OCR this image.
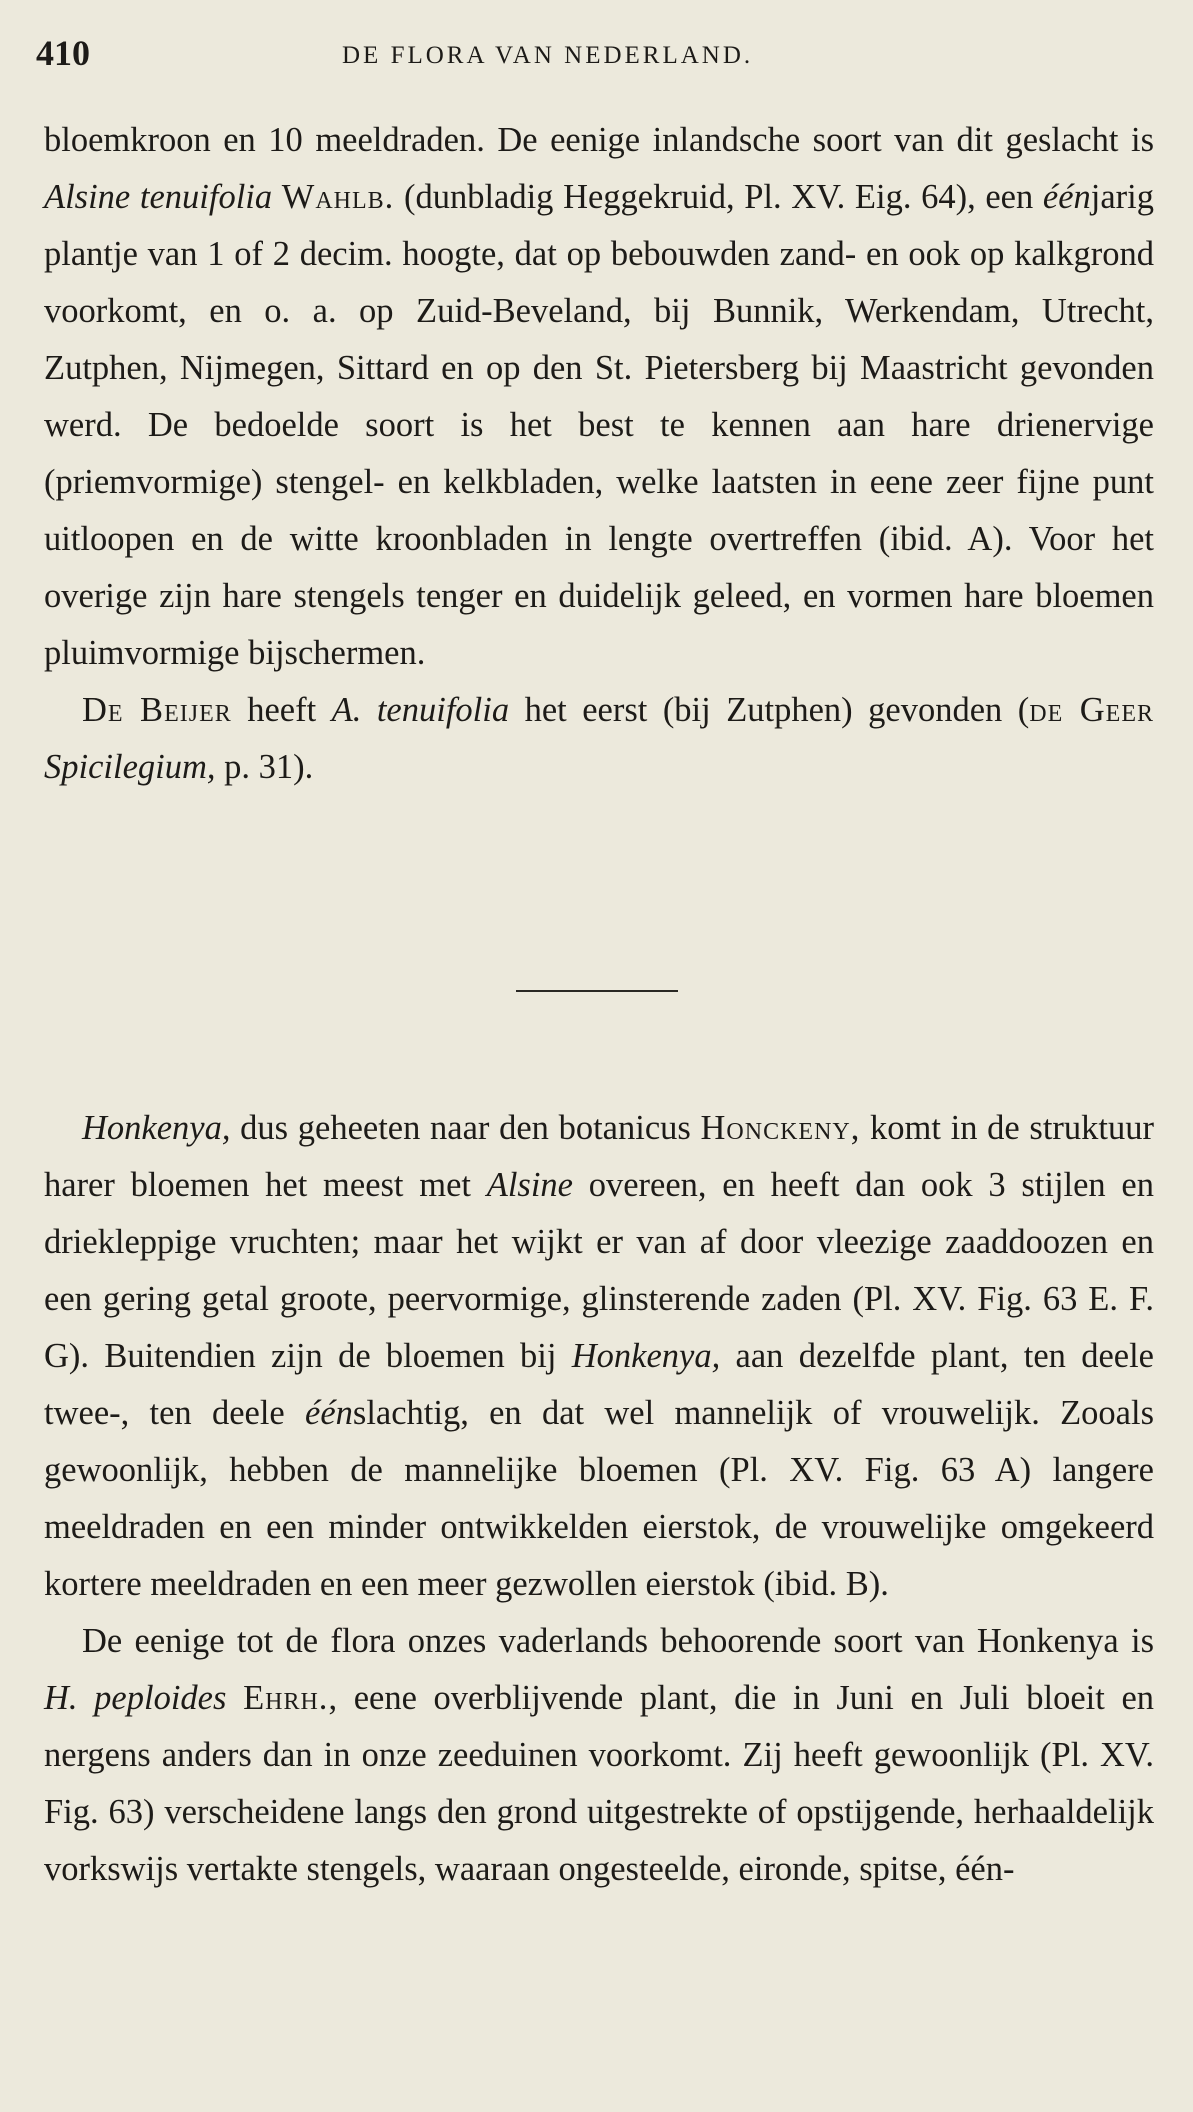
410	DE FLORA VAN NEDERLAND.

bloemkroon en 10 meeldraden. De eenige inlandsche soort van dit geslacht is Alsine tenuifolia Wahlb. (dunbladig Heggekruid, Pl. XV. Eig. 64), een éénjarig plantje van 1 of 2 decim. hoogte, dat op bebouwden zand- en ook op kalkgrond voorkomt, en o. a. op Zuid-Beveland, bij Bunnik, Werkendam, Utrecht, Zutphen, Nijmegen, Sittard en op den St. Pietersberg bij Maastricht gevonden werd. De bedoelde soort is het best te kennen aan hare drienervige (priemvormige) stengel- en kelkbladen, welke laatsten in eene zeer fijne punt uitloopen en de witte kroonbladen in lengte overtreffen (ibid. A). Voor het overige zijn hare stengels tenger en duidelijk geleed, en vormen hare bloemen pluimvormige bijschermen.

De Beijer heeft A. tenuifolia het eerst (bij Zutphen) gevonden (de Geer Spicilegium, p. 31).

Honkenya, dus geheeten naar den botanicus Honckeny, komt in de struktuur harer bloemen het meest met Alsine overeen, en heeft dan ook 3 stijlen en driekleppige vruchten; maar het wijkt er van af door vleezige zaaddoozen en een gering getal groote, peervormige, glinsterende zaden (Pl. XV. Fig. 63 E. F. G). Buitendien zijn de bloemen bij Honkenya, aan dezelfde plant, ten deele twee-, ten deele éénslachtig, en dat wel mannelijk of vrouwelijk. Zooals gewoonlijk, hebben de mannelijke bloemen (Pl. XV. Fig. 63 A) langere meeldraden en een minder ontwikkelden eierstok, de vrouwelijke omgekeerd kortere meeldraden en een meer gezwollen eierstok (ibid. B).

De eenige tot de flora onzes vaderlands behoorende soort van Honkenya is H. peploides Ehrh., eene overblijvende plant, die in Juni en Juli bloeit en nergens anders dan in onze zeeduinen voorkomt. Zij heeft gewoonlijk (Pl. XV. Fig. 63) verscheidene langs den grond uitgestrekte of opstijgende, herhaaldelijk vorkswijs vertakte stengels, waaraan ongesteelde, eironde, spitse, één-
